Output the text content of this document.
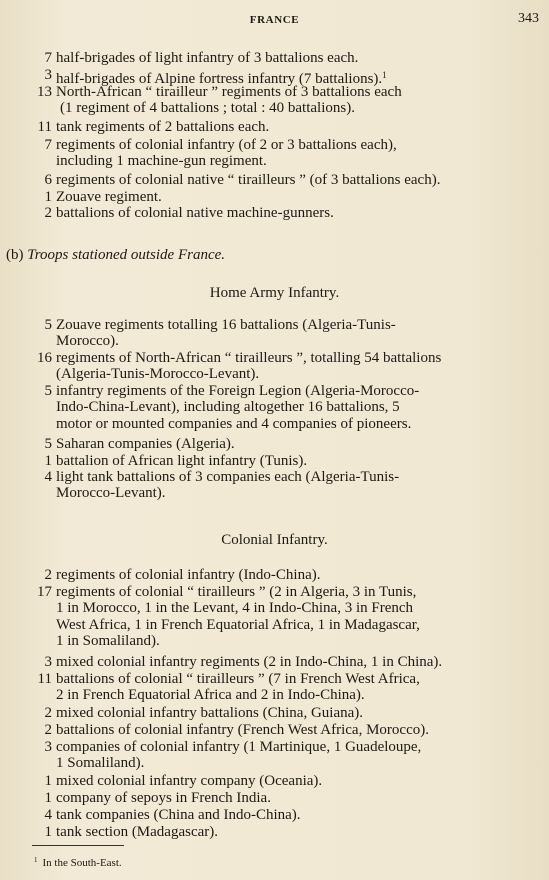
FRANCE	343
7 half-brigades of light infantry of 3 battalions each.
3 half-brigades of Alpine fortress infantry (7 battalions).$^1$
13 North-African “ tirailleur ” regiments of 3 battalions each
(1 regiment of 4 battalions ; total : 40 battalions).
11 tank regiments of 2 battalions each.
7 regiments of colonial infantry (of 2 or 3 battalions each),
including 1 machine-gun regiment.
6 regiments of colonial native “ tirailleurs ” (of 3 battalions each).
1 Zouave regiment.
2 battalions of colonial native machine-gunners.
(b) Troops stationed outside France.
Home Army Infantry.
5 Zouave regiments totalling 16 battalions (Algeria-Tunis-
Morocco).
16 regiments of North-African “ tirailleurs ”, totalling 54 battalions
(Algeria-Tunis-Morocco-Levant).
5 infantry regiments of the Foreign Legion (Algeria-Morocco-
Indo-China-Levant), including altogether 16 battalions, 5
motor or mounted companies and 4 companies of pioneers.
5 Saharan companies (Algeria).
1 battalion of African light infantry (Tunis).
4 light tank battalions of 3 companies each (Algeria-Tunis-
Morocco-Levant).
Colonial Infantry.
2 regiments of colonial infantry (Indo-China).
17 regiments of colonial “ tirailleurs ” (2 in Algeria, 3 in Tunis,
1 in Morocco, 1 in the Levant, 4 in Indo-China, 3 in French
West Africa, 1 in French Equatorial Africa, 1 in Madagascar,
1 in Somaliland).
3 mixed colonial infantry regiments (2 in Indo-China, 1 in China).
11 battalions of colonial “ tirailleurs ” (7 in French West Africa,
2 in French Equatorial Africa and 2 in Indo-China).
2 mixed colonial infantry battalions (China, Guiana).
2 battalions of colonial infantry (French West Africa, Morocco).
3 companies of colonial infantry (1 Martinique, 1 Guadeloupe,
1 Somaliland).
1 mixed colonial infantry company (Oceania).
1 company of sepoys in French India.
4 tank companies (China and Indo-China).
1 tank section (Madagascar).
$^1$ In the South-East.
